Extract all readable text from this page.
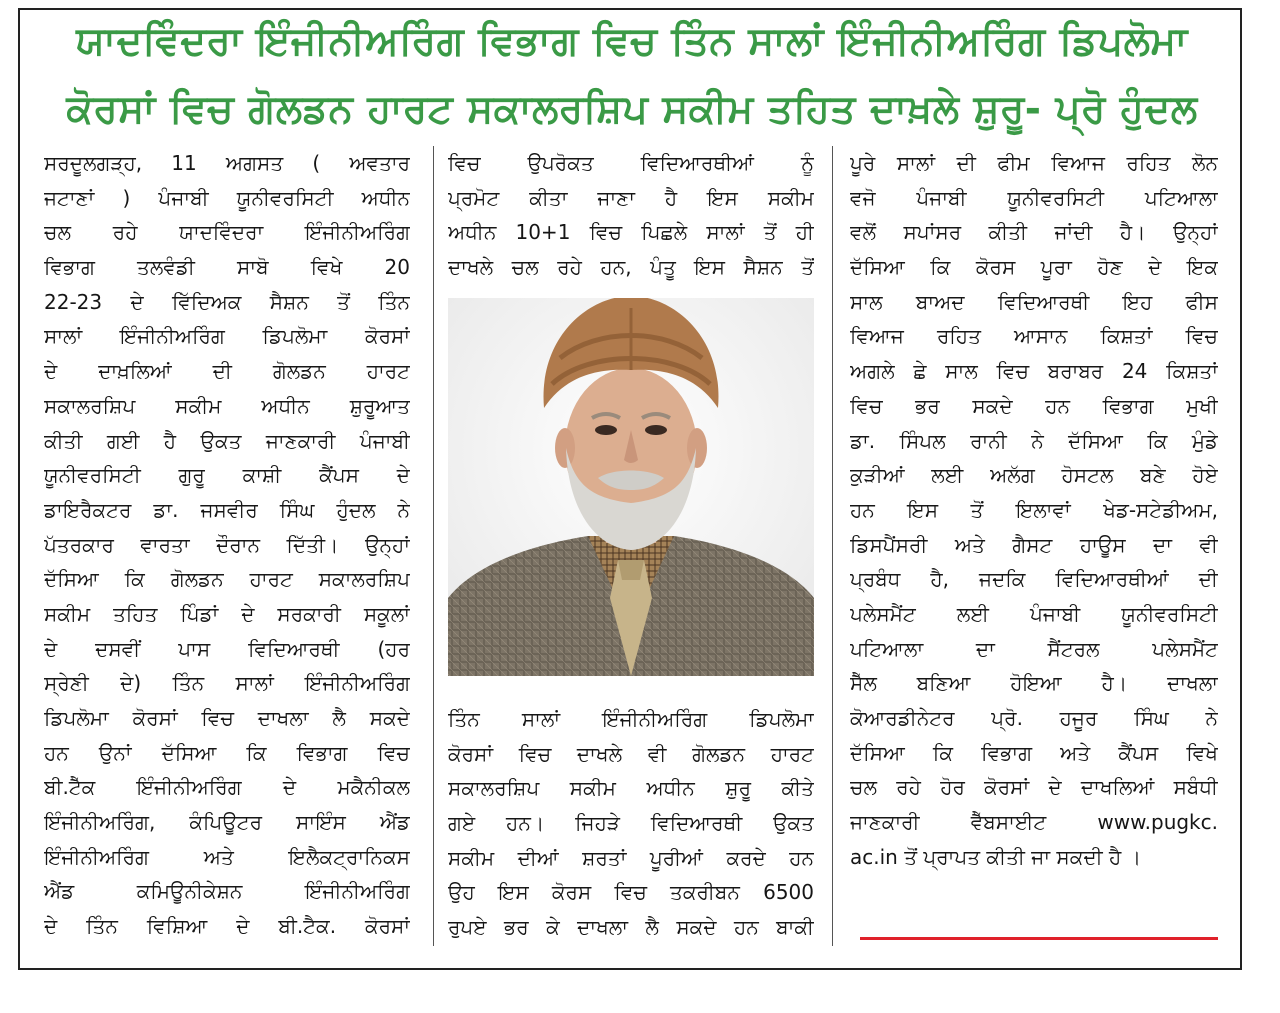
ਯਾਦਵਿੰਦਰਾ ਇੰਜੀਨੀਅਰਿੰਗ ਵਿਭਾਗ ਵਿਚ ਤਿੰਨ ਸਾਲਾਂ ਇੰਜੀਨੀਅਰਿੰਗ ਡਿਪਲੋਮਾ
ਕੋਰਸਾਂ ਵਿਚ ਗੋਲਡਨ ਹਾਰਟ ਸਕਾਲਰਸ਼ਿਪ ਸਕੀਮ ਤਹਿਤ ਦਾਖ਼ਲੇ ਸ਼ੁਰੂ- ਪ੍ਰੋ ਹੁੰਦਲ
ਸਰਦੂਲਗੜ੍ਹ, 11 ਅਗਸਤ ( ਅਵਤਾਰ
ਜਟਾਣਾਂ ) ਪੰਜਾਬੀ ਯੂਨੀਵਰਸਿਟੀ ਅਧੀਨ
ਚਲ ਰਹੇ ਯਾਦਵਿੰਦਰਾ ਇੰਜੀਨੀਅਰਿੰਗ
ਵਿਭਾਗ ਤਲਵੰਡੀ ਸਾਬੋ ਵਿਖੇ 20
22-23 ਦੇ ਵਿੱਦਿਅਕ ਸੈਸ਼ਨ ਤੋਂ ਤਿੰਨ
ਸਾਲਾਂ ਇੰਜੀਨੀਅਰਿੰਗ ਡਿਪਲੋਮਾ ਕੋਰਸਾਂ
ਦੇ ਦਾਖ਼ਲਿਆਂ ਦੀ ਗੋਲਡਨ ਹਾਰਟ
ਸਕਾਲਰਸ਼ਿਪ ਸਕੀਮ ਅਧੀਨ ਸ਼ੁਰੂਆਤ
ਕੀਤੀ ਗਈ ਹੈ ਉਕਤ ਜਾਣਕਾਰੀ ਪੰਜਾਬੀ
ਯੂਨੀਵਰਸਿਟੀ ਗੁਰੂ ਕਾਸ਼ੀ ਕੈਂਪਸ ਦੇ
ਡਾਇਰੈਕਟਰ ਡਾ. ਜਸਵੀਰ ਸਿੰਘ ਹੁੰਦਲ ਨੇ
ਪੱਤਰਕਾਰ ਵਾਰਤਾ ਦੌਰਾਨ ਦਿੱਤੀ। ਉਨ੍ਹਾਂ
ਦੱਸਿਆ ਕਿ ਗੋਲਡਨ ਹਾਰਟ ਸਕਾਲਰਸ਼ਿਪ
ਸਕੀਮ ਤਹਿਤ ਪਿੰਡਾਂ ਦੇ ਸਰਕਾਰੀ ਸਕੂਲਾਂ
ਦੇ ਦਸਵੀਂ ਪਾਸ ਵਿਦਿਆਰਥੀ (ਹਰ
ਸ੍ਰੇਣੀ ਦੇ) ਤਿੰਨ ਸਾਲਾਂ ਇੰਜੀਨੀਅਰਿੰਗ
ਡਿਪਲੋਮਾ ਕੋਰਸਾਂ ਵਿਚ ਦਾਖਲਾ ਲੈ ਸਕਦੇ
ਹਨ ਉਨਾਂ ਦੱਸਿਆ ਕਿ ਵਿਭਾਗ ਵਿਚ
ਬੀ.ਟੈੱਕ ਇੰਜੀਨੀਅਰਿੰਗ ਦੇ ਮਕੈਨੀਕਲ
ਇੰਜੀਨੀਅਰਿੰਗ, ਕੰਪਿਊਟਰ ਸਾਇੰਸ ਐਂਡ
ਇੰਜੀਨੀਅਰਿੰਗ ਅਤੇ ਇਲੈਕਟ੍ਰਾਨਿਕਸ
ਐਂਡ ਕਮਿਊਨੀਕੇਸ਼ਨ ਇੰਜੀਨੀਅਰਿੰਗ
ਦੇ ਤਿੰਨ ਵਿਸ਼ਿਆ ਦੇ ਬੀ.ਟੈਕ. ਕੋਰਸਾਂ
ਵਿਚ ਉਪਰੋਕਤ ਵਿਦਿਆਰਥੀਆਂ ਨੂੰ
ਪ੍ਰਮੋਟ ਕੀਤਾ ਜਾਣਾ ਹੈ ਇਸ ਸਕੀਮ
ਅਧੀਨ 10+1 ਵਿਚ ਪਿਛਲੇ ਸਾਲਾਂ ਤੋਂ ਹੀ
ਦਾਖਲੇ ਚਲ ਰਹੇ ਹਨ, ਪੰਤੂ ਇਸ ਸੈਸ਼ਨ ਤੋਂ
ਤਿੰਨ ਸਾਲਾਂ ਇੰਜੀਨੀਅਰਿੰਗ ਡਿਪਲੋਮਾ
ਕੋਰਸਾਂ ਵਿਚ ਦਾਖਲੇ ਵੀ ਗੋਲਡਨ ਹਾਰਟ
ਸਕਾਲਰਸ਼ਿਪ ਸਕੀਮ ਅਧੀਨ ਸ਼ੁਰੂ ਕੀਤੇ
ਗਏ ਹਨ। ਜਿਹੜੇ ਵਿਦਿਆਰਥੀ ਉਕਤ
ਸਕੀਮ ਦੀਆਂ ਸ਼ਰਤਾਂ ਪੂਰੀਆਂ ਕਰਦੇ ਹਨ
ਉਹ ਇਸ ਕੋਰਸ ਵਿਚ ਤਕਰੀਬਨ 6500
ਰੁਪਏ ਭਰ ਕੇ ਦਾਖਲਾ ਲੈ ਸਕਦੇ ਹਨ ਬਾਕੀ
ਪੂਰੇ ਸਾਲਾਂ ਦੀ ਫੀਮ ਵਿਆਜ ਰਹਿਤ ਲੋਨ
ਵਜੋ ਪੰਜਾਬੀ ਯੂਨੀਵਰਸਿਟੀ ਪਟਿਆਲਾ
ਵਲੋਂ ਸਪਾਂਸਰ ਕੀਤੀ ਜਾਂਦੀ ਹੈ। ਉਨ੍ਹਾਂ
ਦੱਸਿਆ ਕਿ ਕੋਰਸ ਪੂਰਾ ਹੋਣ ਦੇ ਇਕ
ਸਾਲ ਬਾਅਦ ਵਿਦਿਆਰਥੀ ਇਹ ਫੀਸ
ਵਿਆਜ ਰਹਿਤ ਆਸਾਨ ਕਿਸ਼ਤਾਂ ਵਿਚ
ਅਗਲੇ ਛੇ ਸਾਲ ਵਿਚ ਬਰਾਬਰ 24 ਕਿਸ਼ਤਾਂ
ਵਿਚ ਭਰ ਸਕਦੇ ਹਨ ਵਿਭਾਗ ਮੁਖੀ
ਡਾ. ਸਿੰਪਲ ਰਾਨੀ ਨੇ ਦੱਸਿਆ ਕਿ ਮੁੰਡੇ
ਕੁੜੀਆਂ ਲਈ ਅਲੱਗ ਹੋਸਟਲ ਬਣੇ ਹੋਏ
ਹਨ ਇਸ ਤੋਂ ਇਲਾਵਾਂ ਖੇਡ-ਸਟੇਡੀਅਮ,
ਡਿਸਪੈਂਸਰੀ ਅਤੇ ਗੈਸਟ ਹਾਊਸ ਦਾ ਵੀ
ਪ੍ਰਬੰਧ ਹੈ, ਜਦਕਿ ਵਿਦਿਆਰਥੀਆਂ ਦੀ
ਪਲੇਸਮੈਂਟ ਲਈ ਪੰਜਾਬੀ ਯੂਨੀਵਰਸਿਟੀ
ਪਟਿਆਲਾ ਦਾ ਸੈਂਟਰਲ ਪਲੇਸਮੈਂਟ
ਸੈੱਲ ਬਣਿਆ ਹੋਇਆ ਹੈ। ਦਾਖਲਾ
ਕੋਆਰਡੀਨੇਟਰ ਪ੍ਰੋ. ਹਜੂਰ ਸਿੰਘ ਨੇ
ਦੱਸਿਆ ਕਿ ਵਿਭਾਗ ਅਤੇ ਕੈਂਪਸ ਵਿਖੇ
ਚਲ ਰਹੇ ਹੋਰ ਕੋਰਸਾਂ ਦੇ ਦਾਖਲਿਆਂ ਸਬੰਧੀ
ਜਾਣਕਾਰੀ ਵੈੱਬਸਾਈਟ www.pugkc.
ac.in ਤੋਂ ਪ੍ਰਾਪਤ ਕੀਤੀ ਜਾ ਸਕਦੀ ਹੈ ।
